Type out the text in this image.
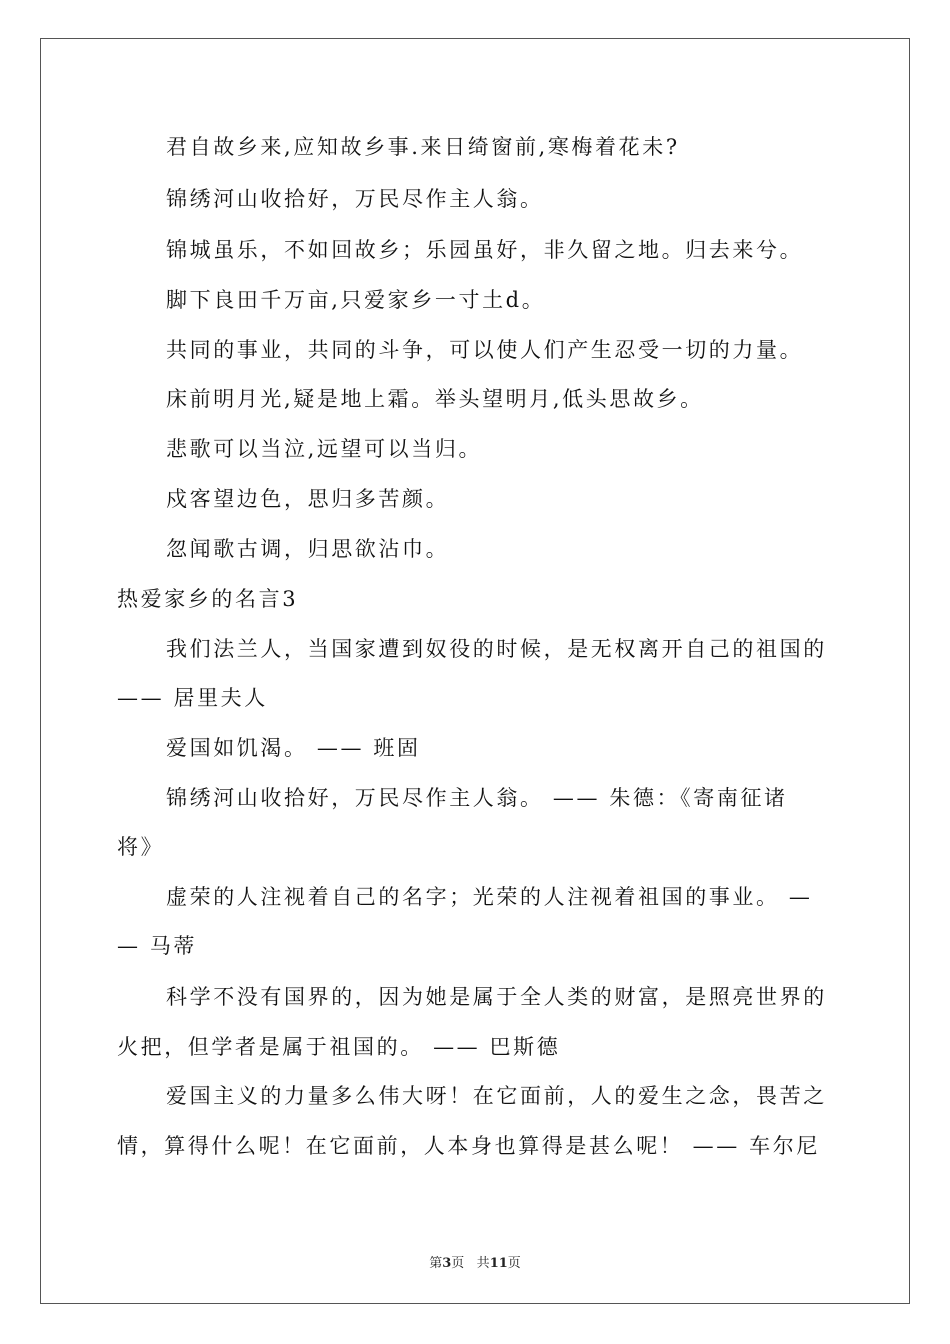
君自故乡来,应知故乡事.来日绮窗前,寒梅着花未?

锦绣河山收拾好，万民尽作主人翁。

锦城虽乐，不如回故乡；乐园虽好，非久留之地。归去来兮。

脚下良田千万亩,只爱家乡一寸土d。

共同的事业，共同的斗争，可以使人们产生忍受一切的力量。

床前明月光,疑是地上霜。举头望明月,低头思故乡。

悲歌可以当泣,远望可以当归。

戍客望边色，思归多苦颜。

忽闻歌古调，归思欲沾巾。

热爱家乡的名言3

我们法兰人，当国家遭到奴役的时候，是无权离开自己的祖国的

—— 居里夫人

爱国如饥渴。 —— 班固

锦绣河山收拾好，万民尽作主人翁。 —— 朱德：《寄南征诸

将》

虚荣的人注视着自己的名字；光荣的人注视着祖国的事业。 —

— 马蒂

科学不没有国界的，因为她是属于全人类的财富，是照亮世界的

火把，但学者是属于祖国的。 —— 巴斯德

爱国主义的力量多么伟大呀！在它面前，人的爱生之念，畏苦之

情，算得什么呢！在它面前，人本身也算得是甚么呢！ —— 车尔尼

第3页 共11页
